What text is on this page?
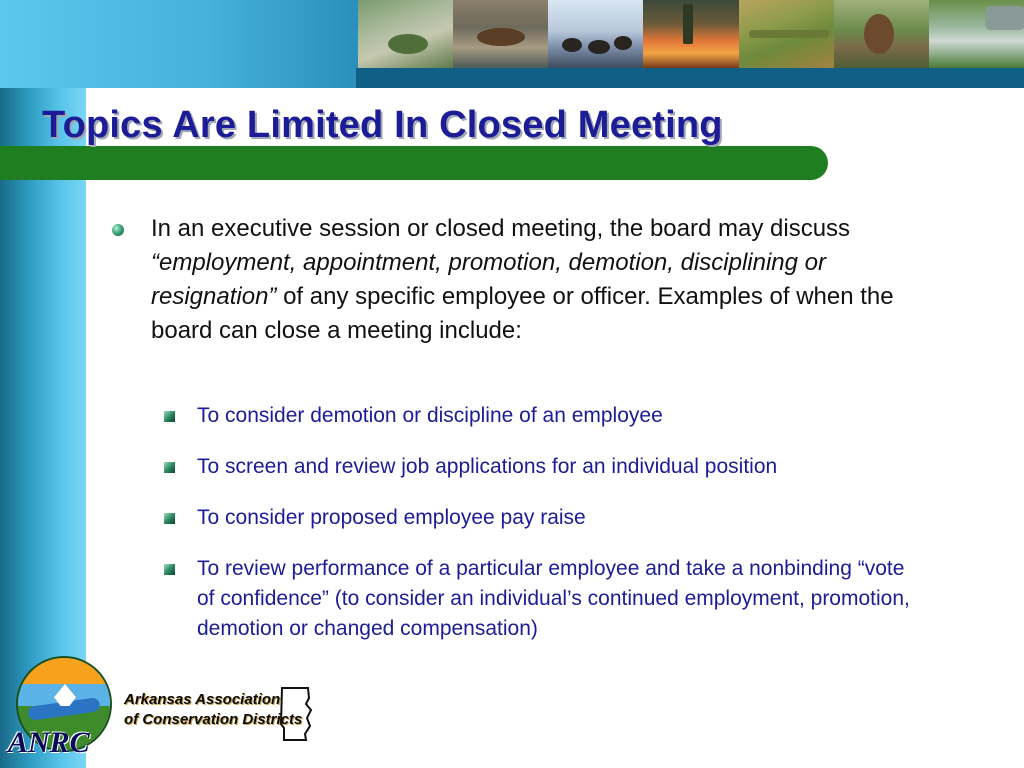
Topics Are Limited In Closed Meeting

In an executive session or closed meeting, the board may discuss “employment, appointment, promotion, demotion, disciplining or resignation” of any specific employee or officer. Examples of when the board can close a meeting include:

To consider demotion or discipline of an employee
To screen and review job applications for an individual position
To consider proposed employee pay raise
To review performance of a particular employee and take a nonbinding “vote of confidence” (to consider an individual’s continued employment, promotion, demotion or changed compensation)
ANRC
Arkansas Association
of Conservation Districts
